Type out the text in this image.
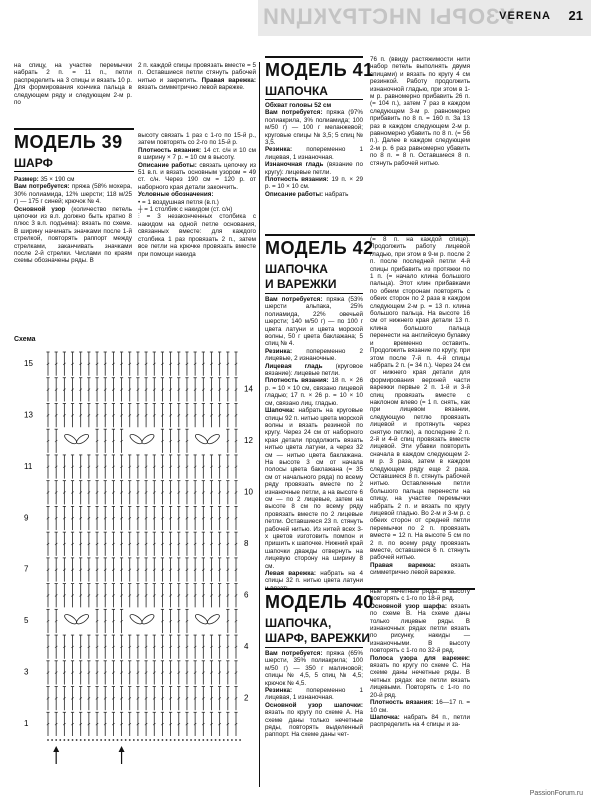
УЗОРЫ ИНСТРУКЦИИ
VERENA 21

на спицу, на участке перемычки набрать 2 п. = 11 п., петли распределить на 3 спицы и вязать 10 р. Для формирования кончика пальца в следующем ряду и следующем 2-м р. по

2 п. каждой спицы провязать вместе = 5 п. Оставшиеся петли стянуть рабочей нитью и закрепить. Правая варежка: вязать симметрично левой варежке.

МОДЕЛЬ 39
ШАРФ

Размер: 35 × 190 см

Вам потребуется: пряжа (58% мохера, 30% полиамида, 12% шерсти; 118 м/25 г) — 175 г синей; крючок № 4.

Основной узор (количество петель цепочки из в.п. должно быть кратно 8 плюс 3 в.п. подъема): вязать по схеме. В ширину начинать значками после 1-й стрелкой, повторять раппорт между стрелками, заканчивать значками после 2-й стрелки. Числами по краям схемы обозначены ряды. В

высоту связать 1 раз с 1-го по 15-й р., затем повторять со 2-го по 15-й р.

Плотность вязания: 14 ст. с/н и 10 см в ширину × 7 р. = 10 см в высоту.

Описание работы: связать цепочку из 51 в.п. и вязать основным узором = 49 ст. с/н. Через 190 см = 120 р. от наборного края детали закончить.

Условные обозначения:

• = 1 воздушная петля (в.п.)

┼ = 1 столбик с накидом (ст. с/н)

⫶ = 3 незаконченных столбика с накидом на одной петле основания, связанных вместе: для каждого столбика 1 раз провязать 2 п., затем все петли на крючке провязать вместе при помощи накида

Схема
1
3
5
7
9
11
13
15
2
4
6
8
10
12
14
МОДЕЛЬ 41
ШАПОЧКА

Обхват головы 52 см

Вам потребуется: пряжа (97% полиакрила, 3% полиамида; 100 м/50 г) — 100 г меланжевой; круговые спицы № 3,5; 5 спиц № 3,5.

Резинка: попеременно 1 лицевая, 1 изнаночная.

Изнаночная гладь (вязание по кругу): лицевые петли.

Плотность вязания: 19 п. × 29 р. = 10 × 10 см.

Описание работы: набрать

76 п. (ввиду растяжимости нити набор петель выполнять двумя спицами) и вязать по кругу 4 см резинкой. Работу продолжить изнаночной гладью, при этом в 1-м р. равномерно прибавить 26 п. (= 104 п.), затем 7 раз в каждом следующем 3-м р. равномерно прибавить по 8 п. = 160 п. За 13 раз в каждом следующем 2-м р. равномерно убавить по 8 п. (= 56 п.). Далее в каждом следующем 2-м р. 6 раз равномерно убавить по 8 п. = 8 п. Оставшиеся 8 п. стянуть рабочей нитью.

МОДЕЛЬ 42
ШАПОЧКА
И ВАРЕЖКИ

Вам потребуется: пряжа (53% шерсти альпака, 25% полиамида, 22% овечьей шерсти; 140 м/50 г) — по 100 г цвета латуни и цвета морской волны, 50 г цвета баклажана; 5 спиц № 4.

Резинка: попеременно 2 лицевые, 2 изнаночные.

Лицевая гладь (круговое вязание): лицевые петли.

Плотность вязания: 18 п. × 26 р. = 10 × 10 см, связано лицевой гладью; 17 п. × 26 р. = 10 × 10 см, связано лиц. гладью.

Шапочка: набрать на круговые спицы 92 п. нитью цвета морской волны и вязать резинкой по кругу. Через 24 см от наборного края детали продолжить вязать нитью цвета латуни, а через 32 см — нитью цвета баклажана. На высоте 3 см от начала полосы цвета баклажана (= 35 см от начального ряда) по всему ряду провязать вместе по 2 изнаночные петли, а на высоте 6 см — по 2 лицевые, затем на высоте 8 см по всему ряду провязать вместе по 2 лицевые петли. Оставшиеся 23 п. стянуть рабочей нитью. Из нитей всех 3-х цветов изготовить помпон и пришить к шапочке. Нижний край шапочки дважды отвернуть на лицевую сторону на ширину 8 см.

Левая варежка: набрать на 4 спицы 32 п. нитью цвета латуни

(= 8 п. на каждой спице). Продолжить работу лицевой гладью, при этом в 9-м р. после 2 п. после последней петли 4-й спицы прибавить из протяжки по 1 п. (= начало клина большого пальца). Этот клин прибавками по обеим сторонам повторять с обеих сторон по 2 раза в каждом следующем 2-м р. = 13 п. клина большого пальца. На высоте 16 см от нижнего края детали 13 п. клина большого пальца перенести на английскую булавку и временно оставить. Продолжить вязание по кругу, при этом после 7-й п. 4-й спицы набрать 2 п. (= 34 п.). Через 24 см от нижнего края детали для формирования верхней части варежки первые 2 п. 1-й и 3-й спиц провязать вместе с наклоном влево (= 1 п. снять, как при лицевом вязании, следующую петлю провязать лицевой и протянуть через снятую петлю), а последние 2 п. 2-й и 4-й спиц провязать вместе лицевой. Эти убавки повторить сначала в каждом следующем 2-м р. 3 раза, затем в каждом следующем ряду еще 2 раза. Оставшиеся 8 п. стянуть рабочей нитью. Оставленные петли большого пальца перенести на спицу, на участке перемычки набрать 2 п. и вязать по кругу лицевой гладью. Во 2-м и 3-м р. с обеих сторон от средней петли перемычки по 2 п. провязать вместе = 12 п. На высоте 5 см по 2 п. по всему ряду провязать вместе, оставшиеся 6 п. стянуть рабочей нитью.

Правая варежка: вязать симметрично левой варежке.

МОДЕЛЬ 40
ШАПОЧКА,
ШАРФ, ВАРЕЖКИ

Вам потребуется: пряжа (65% шерсти, 35% полиакрила; 100 м/50 г) — 350 г малиновой; спицы № 4,5, 5 спиц № 4,5; крючок № 4,5.

Резинка: попеременно 1 лицевая, 1 изнаночная.

Основной узор шапочки: вязать по кругу по схеме А. На схеме даны только нечетные ряды, повторять выделенный раппорт. На схеме даны чет-

ные и нечетные ряды. В высоту повторять с 1-го по 18-й ряд.

Основной узор шарфа: вязать по схеме В. На схеме даны только лицевые ряды. В изнаночных рядах петли вязать по рисунку, накиды — изнаночными. В высоту повторять с 1-го по 32-й ряд.

Полоса узора для варежек: вязать по кругу по схеме С. На схеме даны нечетные ряды. В четных рядах все петли вязать лицевыми. Повторять с 1-го по 20-й ряд.

Плотность вязания: 16—17 п. = 10 см.

Шапочка: набрать 84 п., петли распределить на 4 спицы и за-

PassionForum.ru
